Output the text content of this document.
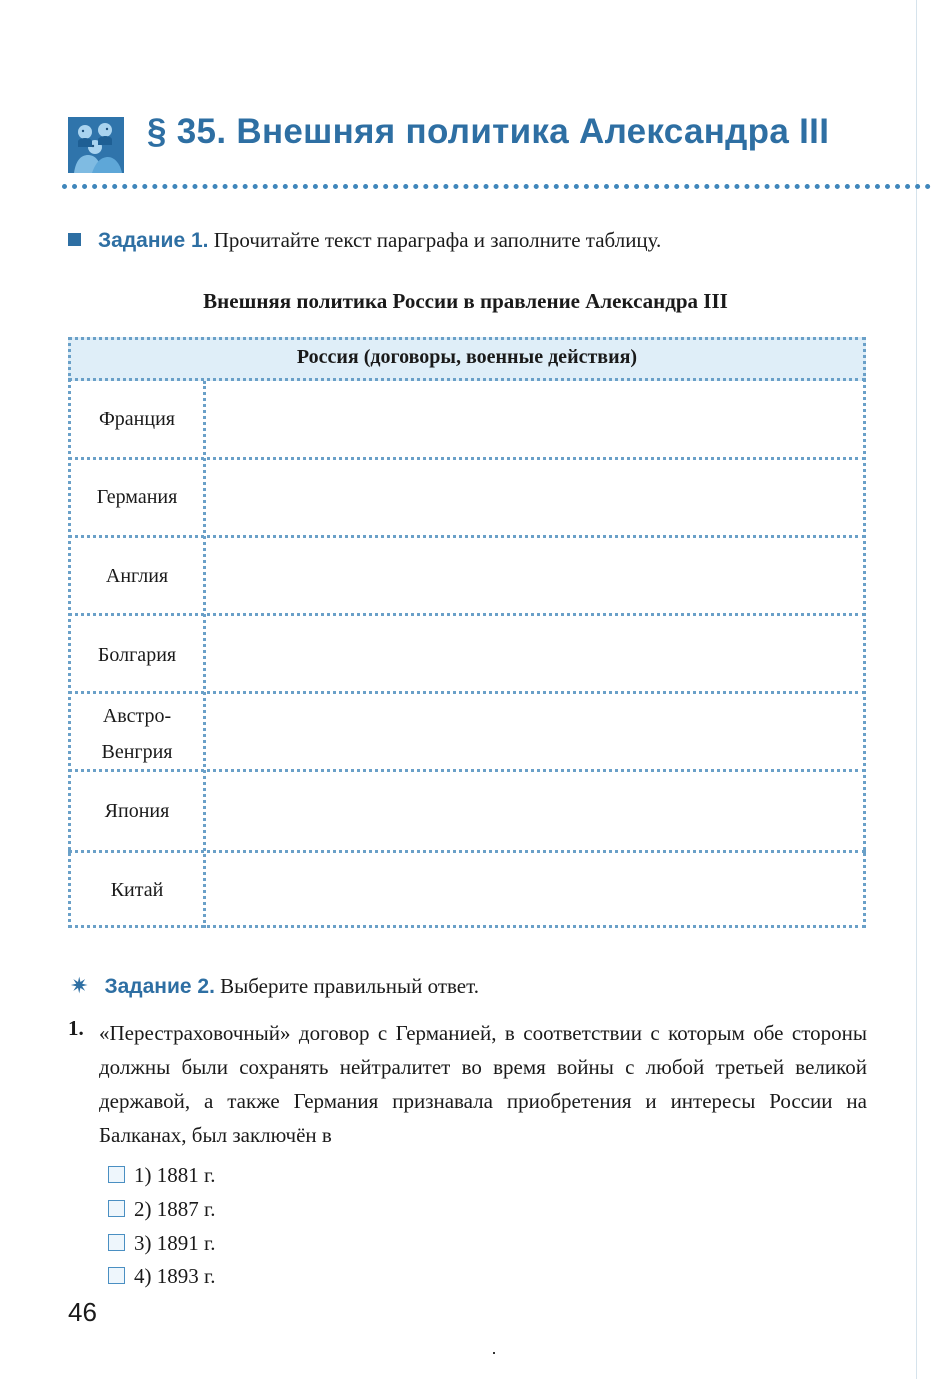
§ 35. Внешняя политика Александра III
Задание 1. Прочитайте текст параграфа и заполните таблицу.
Внешняя политика России в правление Александра III
Россия (договоры, военные действия)
Франция
Германия
Англия
Болгария
Австро-
Венгрия
Япония
Китай
✷ Задание 2. Выберите правильный ответ.
1. «Перестраховочный» договор с Германией, в соответствии с которым обе стороны должны были сохранять нейтралитет во время войны с любой третьей великой державой, а также Германия признавала приобретения и интересы России на Балканах, был заключён в
1) 1881 г.
2) 1887 г.
3) 1891 г.
4) 1893 г.
46
